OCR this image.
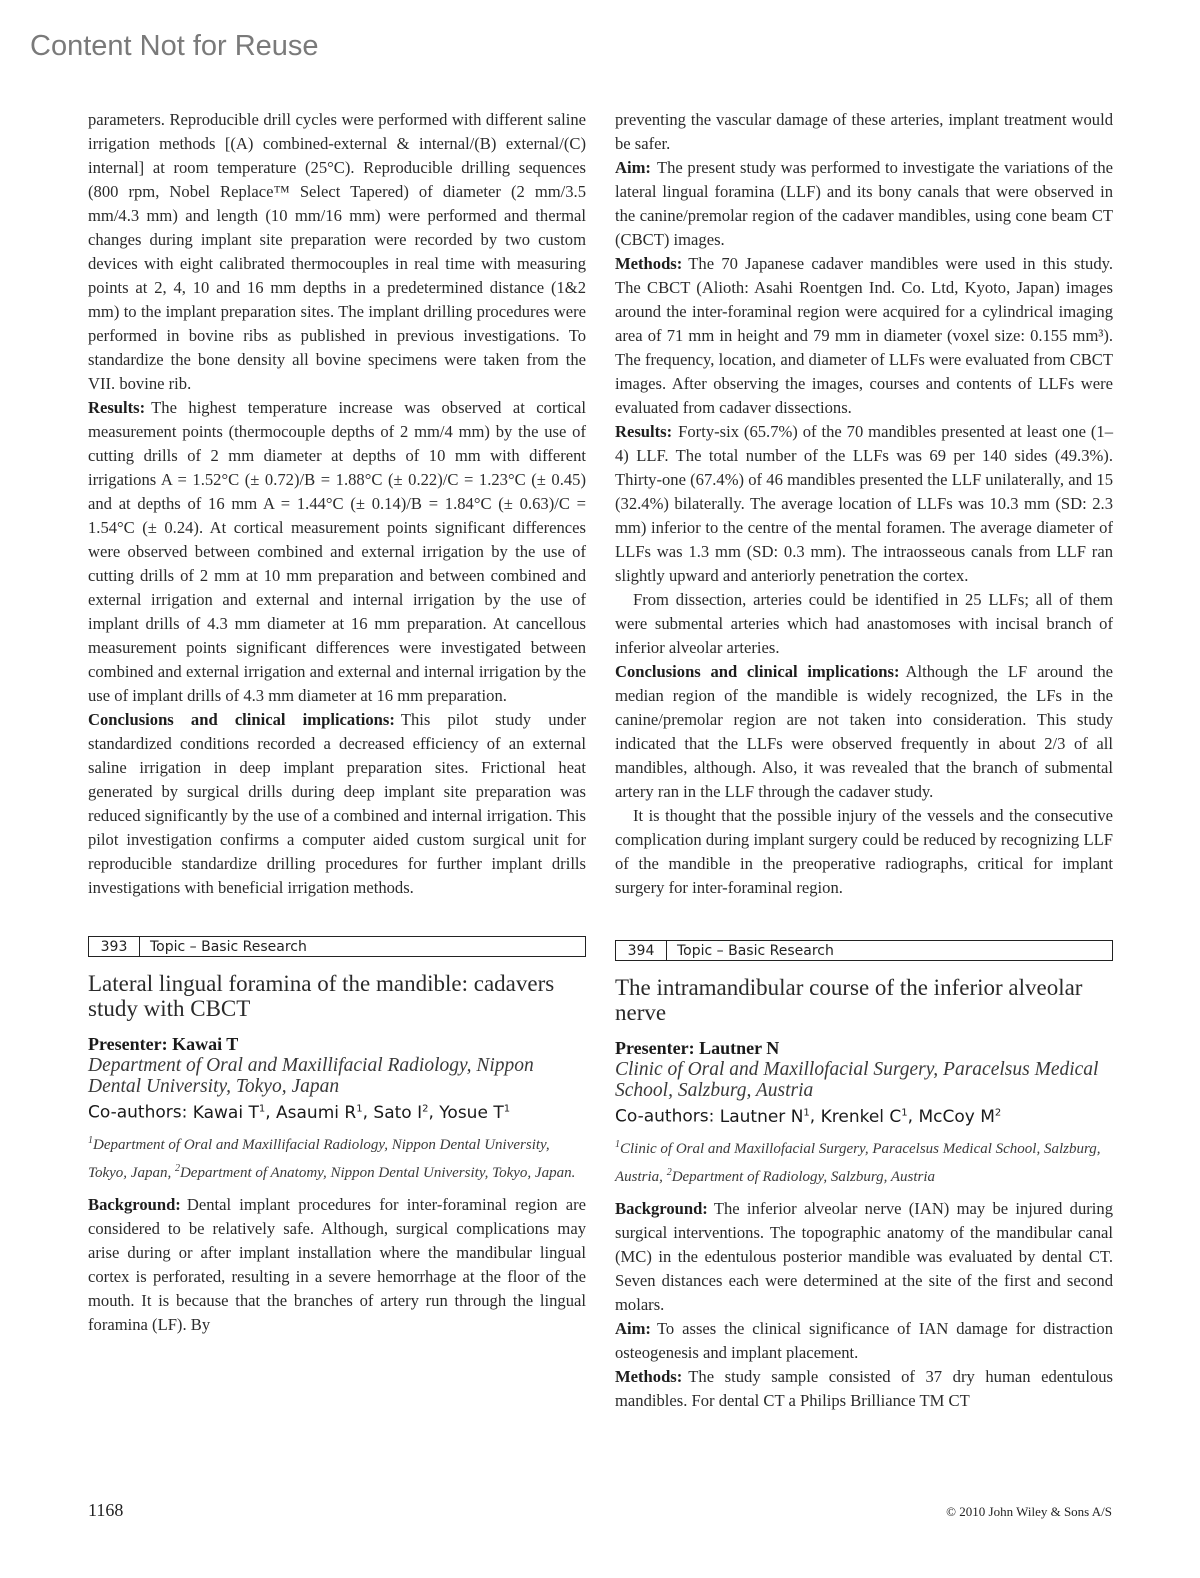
Content Not for Reuse

parameters. Reproducible drill cycles were performed with different saline irrigation methods [(A) combined-external & internal/(B) external/(C) internal] at room temperature (25°C). Reproducible drilling sequences (800 rpm, Nobel Replace™ Select Tapered) of diameter (2 mm/3.5 mm/4.3 mm) and length (10 mm/16 mm) were performed and thermal changes during implant site preparation were recorded by two custom devices with eight calibrated thermocouples in real time with measuring points at 2, 4, 10 and 16 mm depths in a predetermined distance (1&2 mm) to the implant preparation sites. The implant drilling procedures were performed in bovine ribs as published in previous investigations. To standardize the bone density all bovine specimens were taken from the VII. bovine rib.

Results: The highest temperature increase was observed at cortical measurement points (thermocouple depths of 2 mm/4 mm) by the use of cutting drills of 2 mm diameter at depths of 10 mm with different irrigations A = 1.52°C (± 0.72)/B = 1.88°C (± 0.22)/C = 1.23°C (± 0.45) and at depths of 16 mm A = 1.44°C (± 0.14)/B = 1.84°C (± 0.63)/C = 1.54°C (± 0.24). At cortical measurement points significant differences were observed between combined and external irrigation by the use of cutting drills of 2 mm at 10 mm preparation and between combined and external irrigation and external and internal irrigation by the use of implant drills of 4.3 mm diameter at 16 mm preparation. At cancellous measurement points significant differences were investigated between combined and external irrigation and external and internal irrigation by the use of implant drills of 4.3 mm diameter at 16 mm preparation.

Conclusions and clinical implications: This pilot study under standardized conditions recorded a decreased efficiency of an external saline irrigation in deep implant preparation sites. Frictional heat generated by surgical drills during deep implant site preparation was reduced significantly by the use of a combined and internal irrigation. This pilot investigation confirms a computer aided custom surgical unit for reproducible standardize drilling procedures for further implant drills investigations with beneficial irrigation methods.

393	Topic – Basic Research
Lateral lingual foramina of the mandible: cadavers study with CBCT
Presenter: Kawai T
Department of Oral and Maxillifacial Radiology, Nippon Dental University, Tokyo, Japan
Co-authors: Kawai $T^1$, Asaumi $R^1$, Sato $I^2$, Yosue $T^1$
$^1$Department of Oral and Maxillifacial Radiology, Nippon Dental University, Tokyo, Japan, $^2$Department of Anatomy, Nippon Dental University, Tokyo, Japan.

Background: Dental implant procedures for inter-foraminal region are considered to be relatively safe. Although, surgical complications may arise during or after implant installation where the mandibular lingual cortex is perforated, resulting in a severe hemorrhage at the floor of the mouth. It is because that the branches of artery run through the lingual foramina (LF). By

preventing the vascular damage of these arteries, implant treatment would be safer.

Aim: The present study was performed to investigate the variations of the lateral lingual foramina (LLF) and its bony canals that were observed in the canine/premolar region of the cadaver mandibles, using cone beam CT (CBCT) images.

Methods: The 70 Japanese cadaver mandibles were used in this study. The CBCT (Alioth: Asahi Roentgen Ind. Co. Ltd, Kyoto, Japan) images around the inter-foraminal region were acquired for a cylindrical imaging area of 71 mm in height and 79 mm in diameter (voxel size: 0.155 mm³). The frequency, location, and diameter of LLFs were evaluated from CBCT images. After observing the images, courses and contents of LLFs were evaluated from cadaver dissections.

Results: Forty-six (65.7%) of the 70 mandibles presented at least one (1–4) LLF. The total number of the LLFs was 69 per 140 sides (49.3%). Thirty-one (67.4%) of 46 mandibles presented the LLF unilaterally, and 15 (32.4%) bilaterally. The average location of LLFs was 10.3 mm (SD: 2.3 mm) inferior to the centre of the mental foramen. The average diameter of LLFs was 1.3 mm (SD: 0.3 mm). The intraosseous canals from LLF ran slightly upward and anteriorly penetration the cortex.

From dissection, arteries could be identified in 25 LLFs; all of them were submental arteries which had anastomoses with incisal branch of inferior alveolar arteries.

Conclusions and clinical implications: Although the LF around the median region of the mandible is widely recognized, the LFs in the canine/premolar region are not taken into consideration. This study indicated that the LLFs were observed frequently in about 2/3 of all mandibles, although. Also, it was revealed that the branch of submental artery ran in the LLF through the cadaver study.

It is thought that the possible injury of the vessels and the consecutive complication during implant surgery could be reduced by recognizing LLF of the mandible in the preoperative radiographs, critical for implant surgery for inter-foraminal region.

394	Topic – Basic Research
The intramandibular course of the inferior alveolar nerve
Presenter: Lautner N
Clinic of Oral and Maxillofacial Surgery, Paracelsus Medical School, Salzburg, Austria
Co-authors: Lautner $N^1$, Krenkel $C^1$, McCoy $M^2$
$^1$Clinic of Oral and Maxillofacial Surgery, Paracelsus Medical School, Salzburg, Austria, $^2$Department of Radiology, Salzburg, Austria

Background: The inferior alveolar nerve (IAN) may be injured during surgical interventions. The topographic anatomy of the mandibular canal (MC) in the edentulous posterior mandible was evaluated by dental CT. Seven distances each were determined at the site of the first and second molars.

Aim: To asses the clinical significance of IAN damage for distraction osteogenesis and implant placement.

Methods: The study sample consisted of 37 dry human edentulous mandibles. For dental CT a Philips Brilliance TM CT

1168	© 2010 John Wiley & Sons A/S
